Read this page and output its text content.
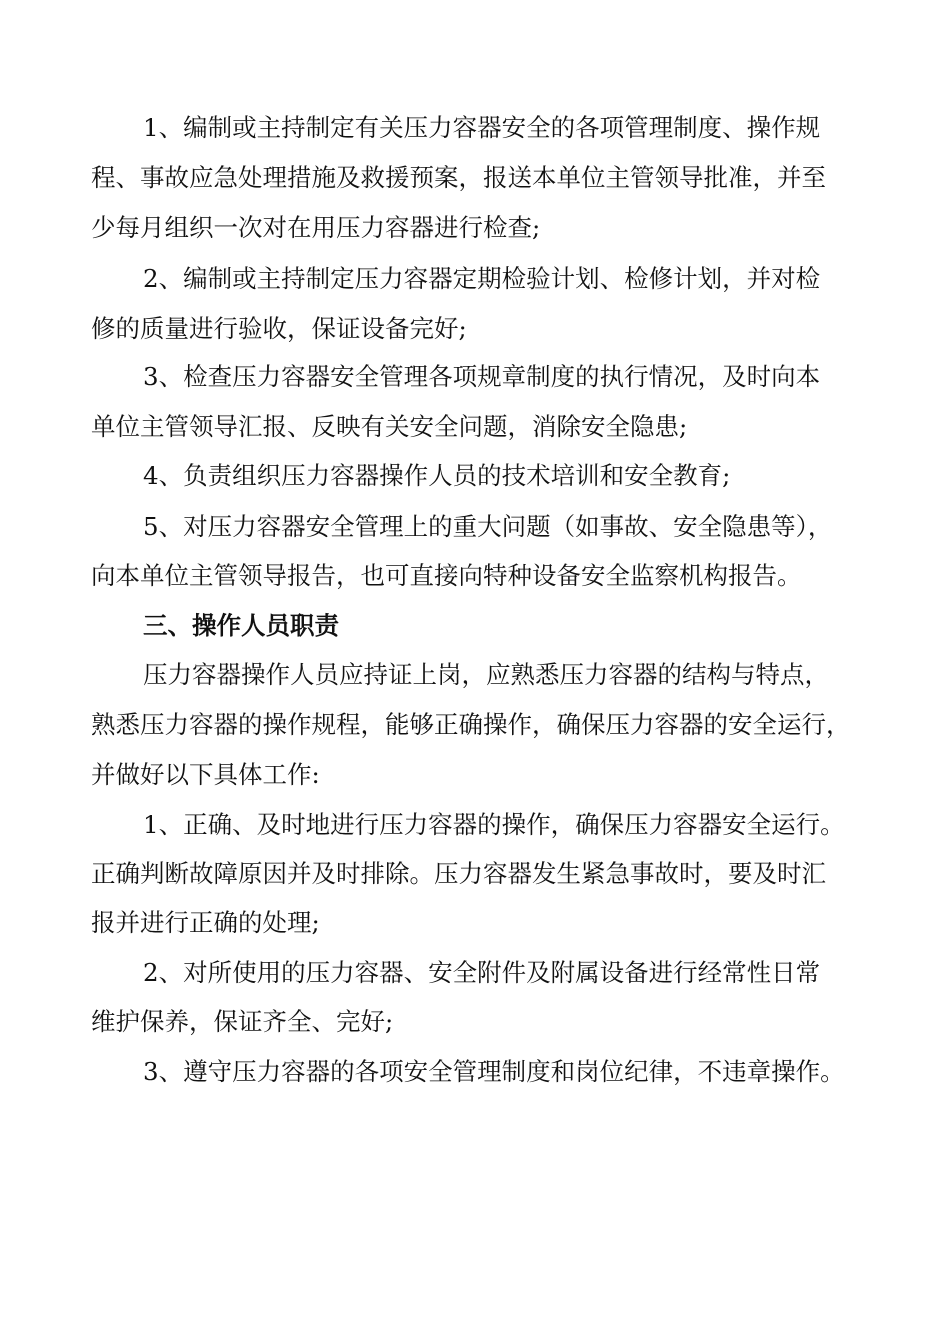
1、编制或主持制定有关压力容器安全的各项管理制度、操作规
程、事故应急处理措施及救援预案，报送本单位主管领导批准，并至
少每月组织一次对在用压力容器进行检查;
2、编制或主持制定压力容器定期检验计划、检修计划，并对检
修的质量进行验收，保证设备完好;
3、检查压力容器安全管理各项规章制度的执行情况，及时向本
单位主管领导汇报、反映有关安全问题，消除安全隐患;
4、负责组织压力容器操作人员的技术培训和安全教育;
5、对压力容器安全管理上的重大问题（如事故、安全隐患等），
向本单位主管领导报告，也可直接向特种设备安全监察机构报告。
三、操作人员职责
压力容器操作人员应持证上岗，应熟悉压力容器的结构与特点，
熟悉压力容器的操作规程，能够正确操作，确保压力容器的安全运行，
并做好以下具体工作:
1、正确、及时地进行压力容器的操作，确保压力容器安全运行。
正确判断故障原因并及时排除。压力容器发生紧急事故时，要及时汇
报并进行正确的处理;
2、对所使用的压力容器、安全附件及附属设备进行经常性日常
维护保养，保证齐全、完好;
3、遵守压力容器的各项安全管理制度和岗位纪律，不违章操作。
